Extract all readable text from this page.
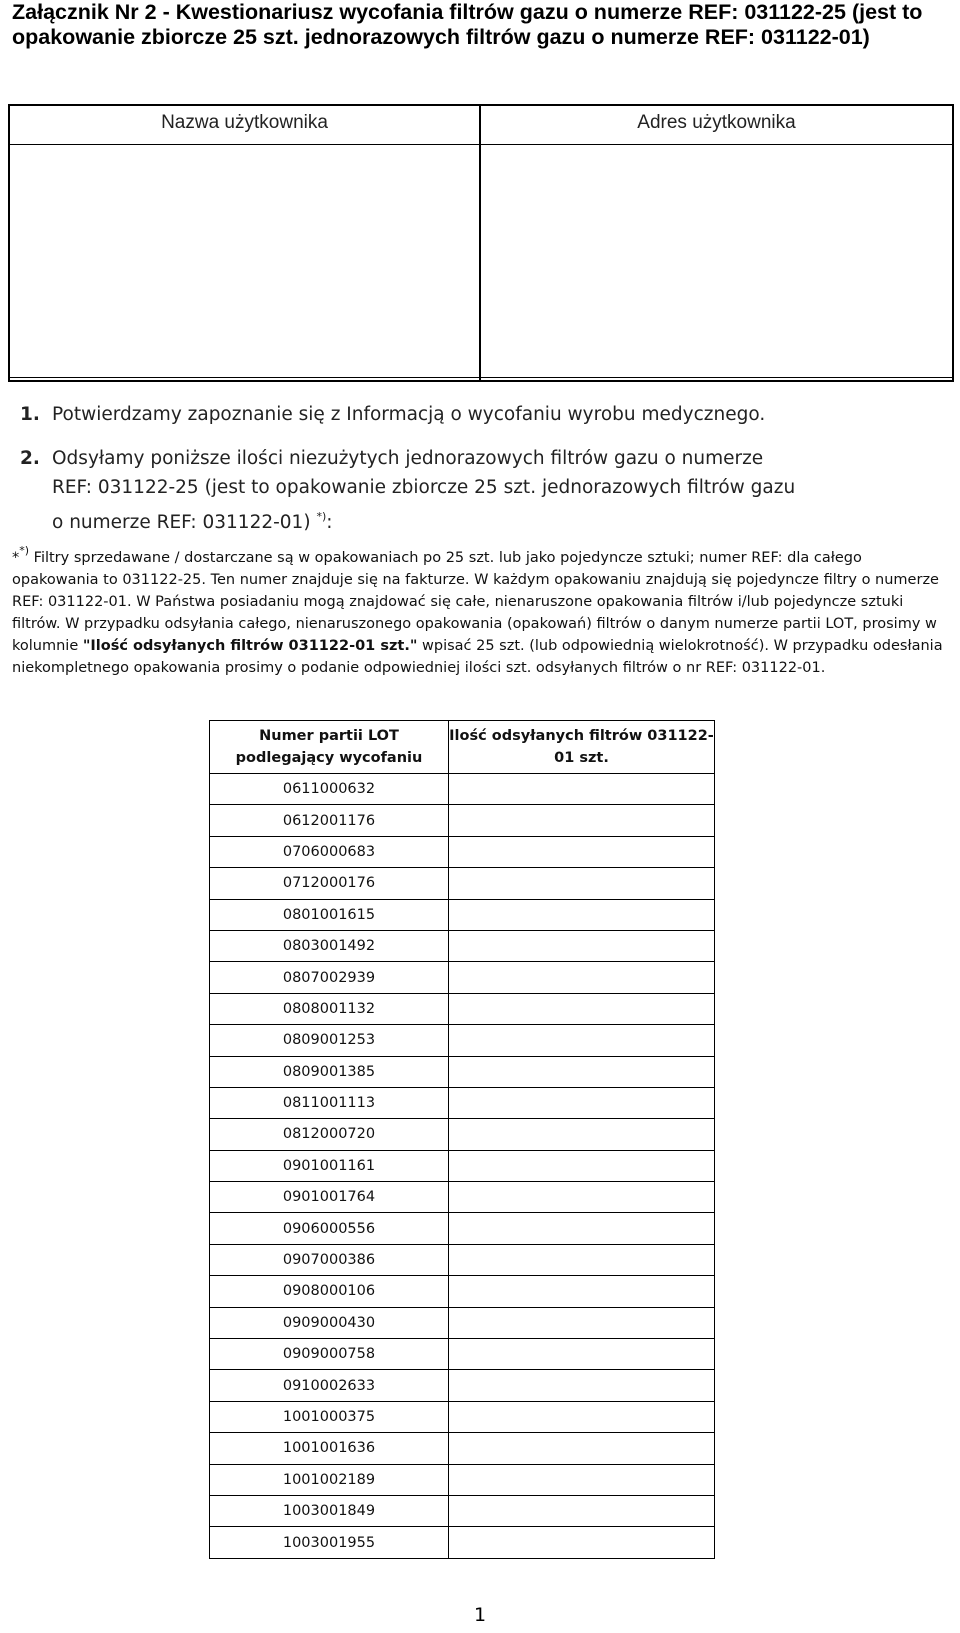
Załącznik Nr 2 - Kwestionariusz wycofania filtrów gazu o numerze REF: 031122-25 (jest to opakowanie zbiorcze 25 szt. jednorazowych filtrów gazu o numerze REF: 031122-01)
Nazwa użytkownika	Adres użytkownika
1. Potwierdzamy zapoznanie się z Informacją o wycofaniu wyrobu medycznego.
2. Odsyłamy poniższe ilości niezużytych jednorazowych filtrów gazu o numerze
REF: 031122-25 (jest to opakowanie zbiorcze 25 szt. jednorazowych filtrów gazu
o numerze REF: 031122-01) *):
**) Filtry sprzedawane / dostarczane są w opakowaniach po 25 szt. lub jako pojedyncze sztuki; numer REF: dla całego opakowania to 031122-25. Ten numer znajduje się na fakturze. W każdym opakowaniu znajdują się pojedyncze filtry o numerze REF: 031122-01. W Państwa posiadaniu mogą znajdować się całe, nienaruszone opakowania filtrów i/lub pojedyncze sztuki filtrów. W przypadku odsyłania całego, nienaruszonego opakowania (opakowań) filtrów o danym numerze partii LOT, prosimy w kolumnie "Ilość odsyłanych filtrów 031122-01 szt." wpisać 25 szt. (lub odpowiednią wielokrotność). W przypadku odesłania niekompletnego opakowania prosimy o podanie odpowiedniej ilości szt. odsyłanych filtrów o nr REF: 031122-01.
Numer partii LOT podlegający wycofaniu	Ilość odsyłanych filtrów 031122-01 szt.
0611000632	
0612001176	
0706000683	
0712000176	
0801001615	
0803001492	
0807002939	
0808001132	
0809001253	
0809001385	
0811001113	
0812000720	
0901001161	
0901001764	
0906000556	
0907000386	
0908000106	
0909000430	
0909000758	
0910002633	
1001000375	
1001001636	
1001002189	
1003001849	
1003001955	
1
